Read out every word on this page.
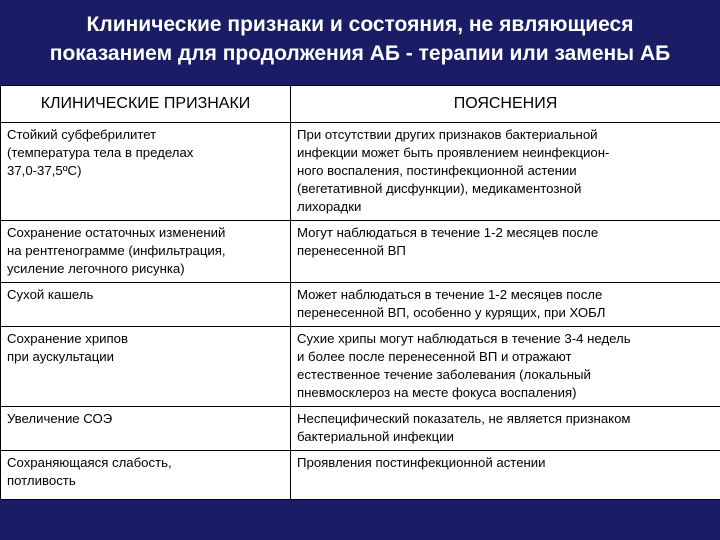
Клинические признаки и состояния, не являющиеся
показанием для продолжения АБ - терапии или замены АБ
КЛИНИЧЕСКИЕ ПРИЗНАКИ	ПОЯСНЕНИЯ

Стойкий субфебрилитет
(температура тела в пределах
37,0-37,5ºС)	При отсутствии других признаков бактериальной
инфекции может быть проявлением неинфекцион-
ного воспаления, постинфекционной астении
(вегетативной дисфункции), медикаментозной
лихорадки

Сохранение остаточных изменений
на рентгенограмме (инфильтрация,
усиление легочного рисунка)	Могут наблюдаться в течение 1-2 месяцев после
перенесенной ВП

Сухой кашель	Может наблюдаться в течение 1-2 месяцев после
перенесенной ВП, особенно у курящих, при ХОБЛ

Сохранение хрипов
при аускультации	Сухие хрипы могут наблюдаться в течение 3-4 недель
и более после перенесенной ВП и отражают
естественное течение заболевания (локальный
пневмосклероз на месте фокуса воспаления)

Увеличение СОЭ	Неспецифический показатель, не является признаком
бактериальной инфекции

Сохраняющаяся слабость,
потливость	Проявления постинфекционной астении
